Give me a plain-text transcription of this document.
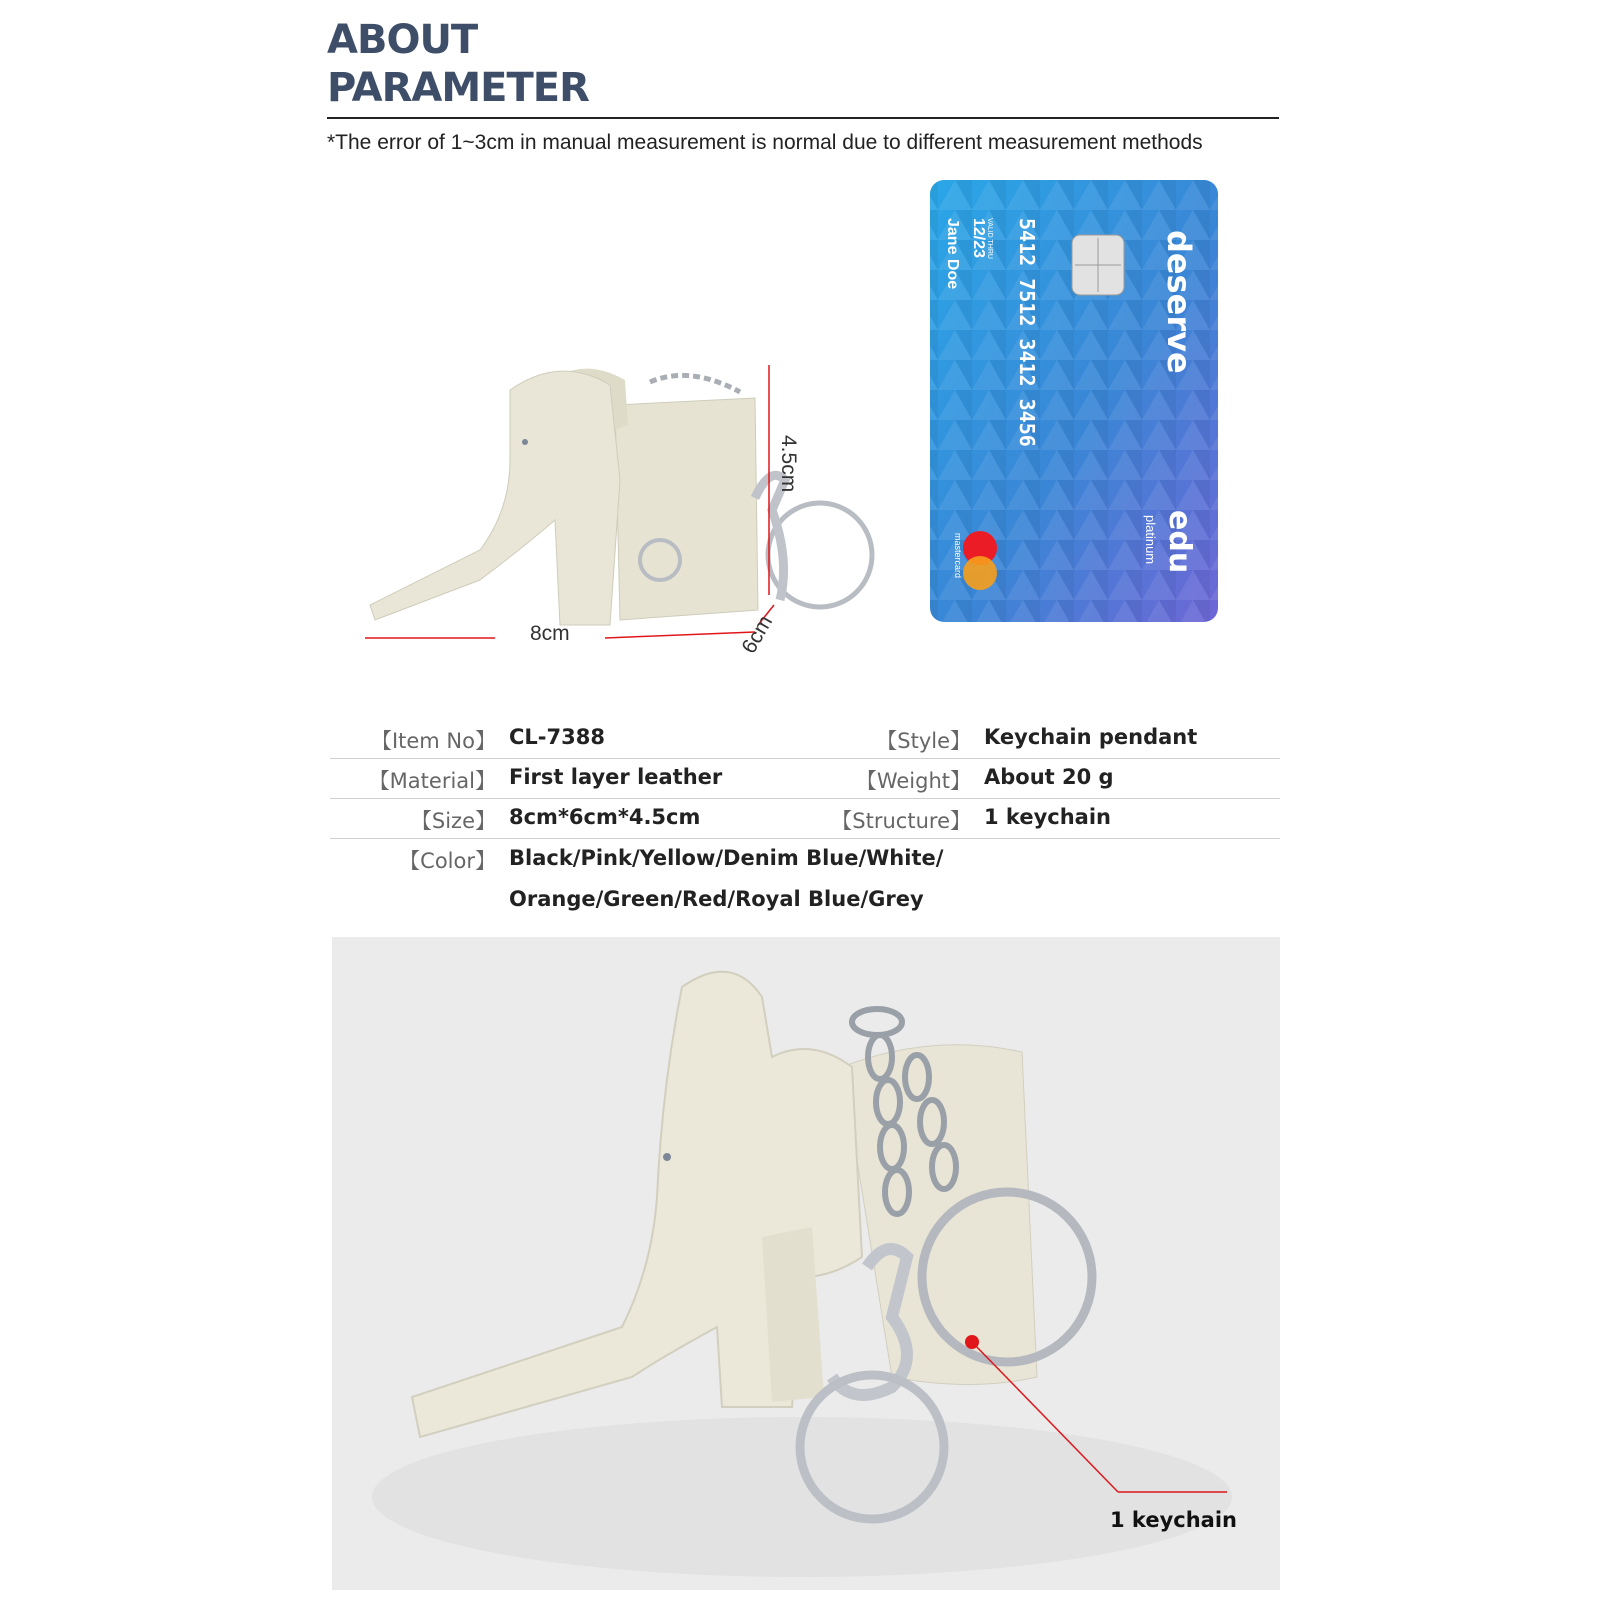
ABOUT
PARAMETER
*The error of 1~3cm in manual measurement is normal due to different measurement methods
8cm
4.5cm
6cm
deserve
5412 7512 3412 3456
VALID THRU
12/23
Jane Doe
edu
platinum
mastercard
【Item No】 CL-7388	【Style】 Keychain pendant
【Material】 First layer leather	【Weight】 About 20 g
【Size】 8cm*6cm*4.5cm	【Structure】 1 keychain
【Color】 Black/Pink/Yellow/Denim Blue/White/
Orange/Green/Red/Royal Blue/Grey
1 keychain
